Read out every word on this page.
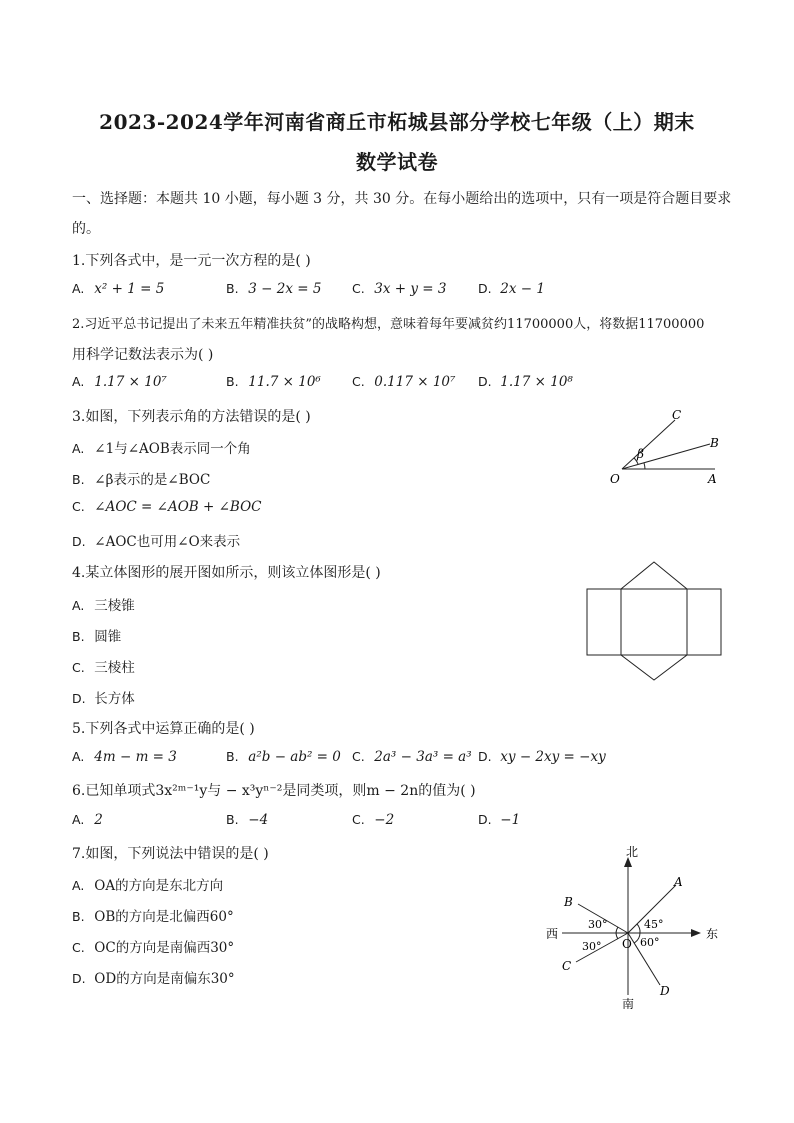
2023-2024学年河南省商丘市柘城县部分学校七年级（上）期末
数学试卷
一、选择题：本题共 10 小题，每小题 3 分，共 30 分。在每小题给出的选项中，只有一项是符合题目要求
的。
1.下列各式中，是一元一次方程的是( )
A. x² + 1 = 5	B. 3 − 2x = 5 C. 3x + y = 3	D. 2x − 1
2.习近平总书记提出了未来五年精准扶贫”的战略构想，意味着每年要减贫约11700000人，将数据11700000
用科学记数法表示为( )
A. 1.17 × 10⁷	B. 11.7 × 10⁶ C. 0.117 × 10⁷ D. 1.17 × 10⁸
3.如图，下列表示角的方法错误的是( )
A. ∠1与∠AOB表示同一个角
B. ∠β表示的是∠BOC
C. ∠AOC = ∠AOB + ∠BOC
D. ∠AOC也可用∠O来表示
β
O	A
B
C
4.某立体图形的展开图如所示，则该立体图形是( )
A. 三棱锥
B. 圆锥
C. 三棱柱
D. 长方体
5.下列各式中运算正确的是( )
A. 4m − m = 3	B. a²b − ab² = 0 C. 2a³ − 3a³ = a³ D. xy − 2xy = −xy
6.已知单项式3x²ᵐ⁻¹y与 − x³yⁿ⁻²是同类项，则m − 2n的值为( )
A. 2	B. −4	C. −2	D. −1
7.如图，下列说法中错误的是( )
A. OA的方向是东北方向
B. OB的方向是北偏西60°
C. OC的方向是南偏西30°
D. OD的方向是南偏东30°
北
南
东
西
O
A
B
C
D
30°
30°
45°
60°
